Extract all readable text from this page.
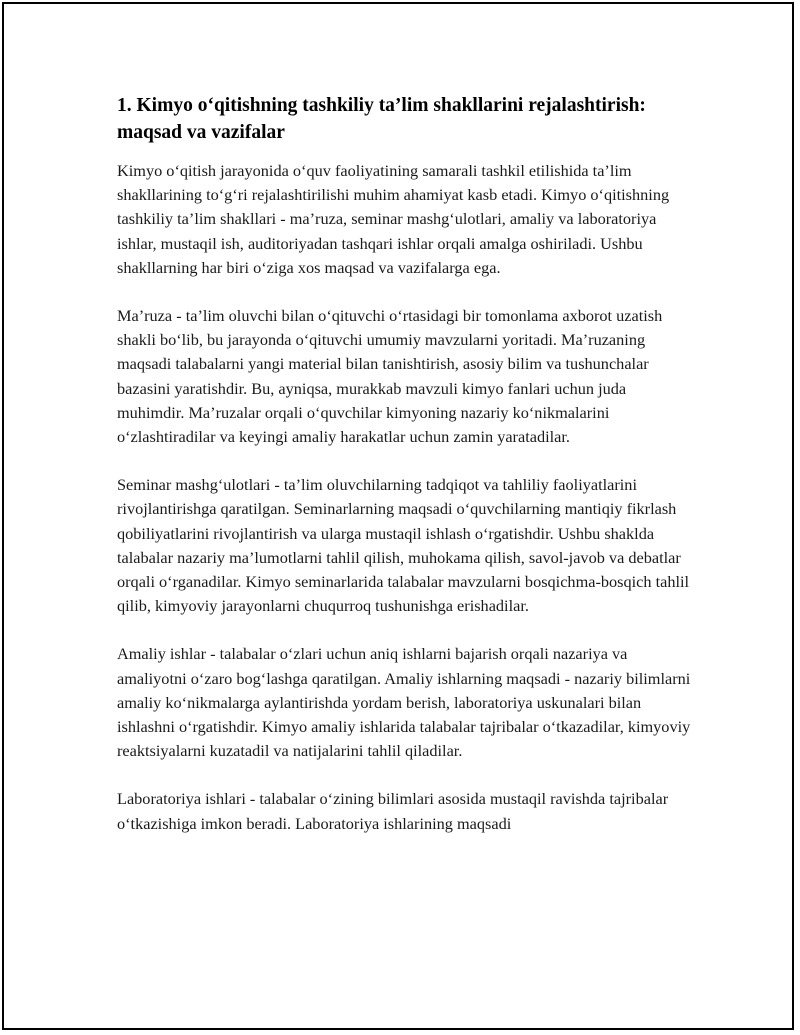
1. Kimyo o‘qitishning tashkiliy ta’lim shakllarini rejalashtirish: maqsad va vazifalar

Kimyo o‘qitish jarayonida o‘quv faoliyatining samarali tashkil etilishida ta’lim shakllarining to‘g‘ri rejalashtirilishi muhim ahamiyat kasb etadi. Kimyo o‘qitishning tashkiliy ta’lim shakllari - ma’ruza, seminar mashg‘ulotlari, amaliy va laboratoriya ishlar, mustaqil ish, auditoriyadan tashqari ishlar orqali amalga oshiriladi. Ushbu shakllarning har biri o‘ziga xos maqsad va vazifalarga ega.

Ma’ruza - ta’lim oluvchi bilan o‘qituvchi o‘rtasidagi bir tomonlama axborot uzatish shakli bo‘lib, bu jarayonda o‘qituvchi umumiy mavzularni yoritadi. Ma’ruzaning maqsadi talabalarni yangi material bilan tanishtirish, asosiy bilim va tushunchalar bazasini yaratishdir. Bu, ayniqsa, murakkab mavzuli kimyo fanlari uchun juda muhimdir. Ma’ruzalar orqali o‘quvchilar kimyoning nazariy ko‘nikmalarini o‘zlashtiradilar va keyingi amaliy harakatlar uchun zamin yaratadilar.

Seminar mashg‘ulotlari - ta’lim oluvchilarning tadqiqot va tahliliy faoliyatlarini rivojlantirishga qaratilgan. Seminarlarning maqsadi o‘quvchilarning mantiqiy fikrlash qobiliyatlarini rivojlantirish va ularga mustaqil ishlash o‘rgatishdir. Ushbu shaklda talabalar nazariy ma’lumotlarni tahlil qilish, muhokama qilish, savol-javob va debatlar orqali o‘rganadilar. Kimyo seminarlarida talabalar mavzularni bosqichma-bosqich tahlil qilib, kimyoviy jarayonlarni chuqurroq tushunishga erishadilar.

Amaliy ishlar - talabalar o‘zlari uchun aniq ishlarni bajarish orqali nazariya va amaliyotni o‘zaro bog‘lashga qaratilgan. Amaliy ishlarning maqsadi - nazariy bilimlarni amaliy ko‘nikmalarga aylantirishda yordam berish, laboratoriya uskunalari bilan ishlashni o‘rgatishdir. Kimyo amaliy ishlarida talabalar tajribalar o‘tkazadilar, kimyoviy reaktsiyalarni kuzatadil va natijalarini tahlil qiladilar.

Laboratoriya ishlari - talabalar o‘zining bilimlari asosida mustaqil ravishda tajribalar o‘tkazishiga imkon beradi. Laboratoriya ishlarining maqsadi
